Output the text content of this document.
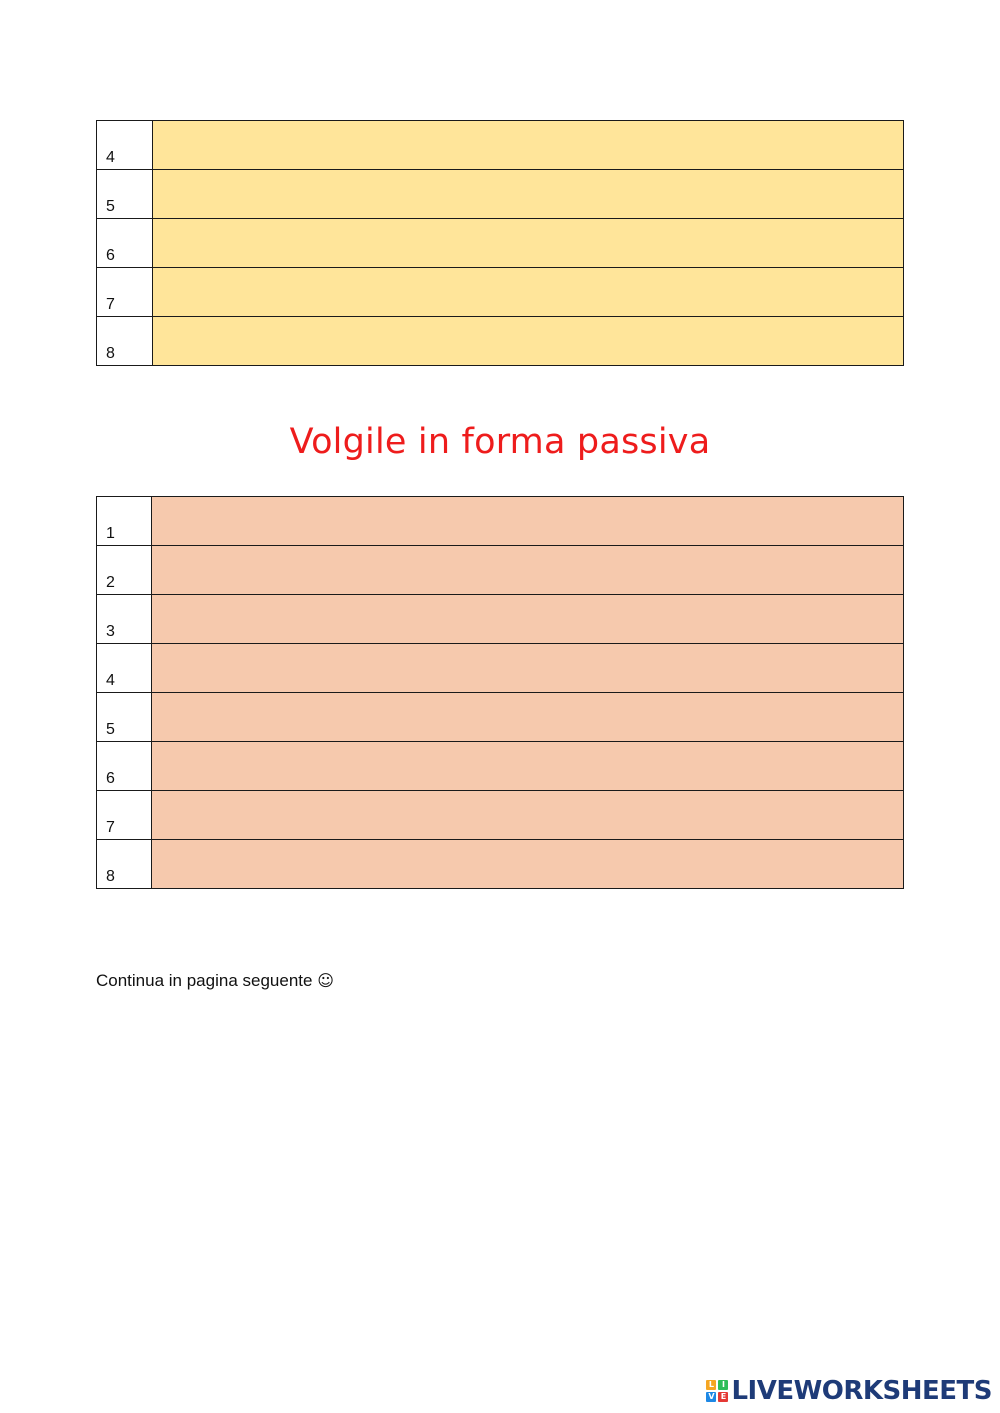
4	
5	
6	
7	
8	
Volgile in forma passiva
1	
2	
3	
4	
5	
6	
7	
8	
Continua in pagina seguente ☺
L I
V E LIVEWORKSHEETS
